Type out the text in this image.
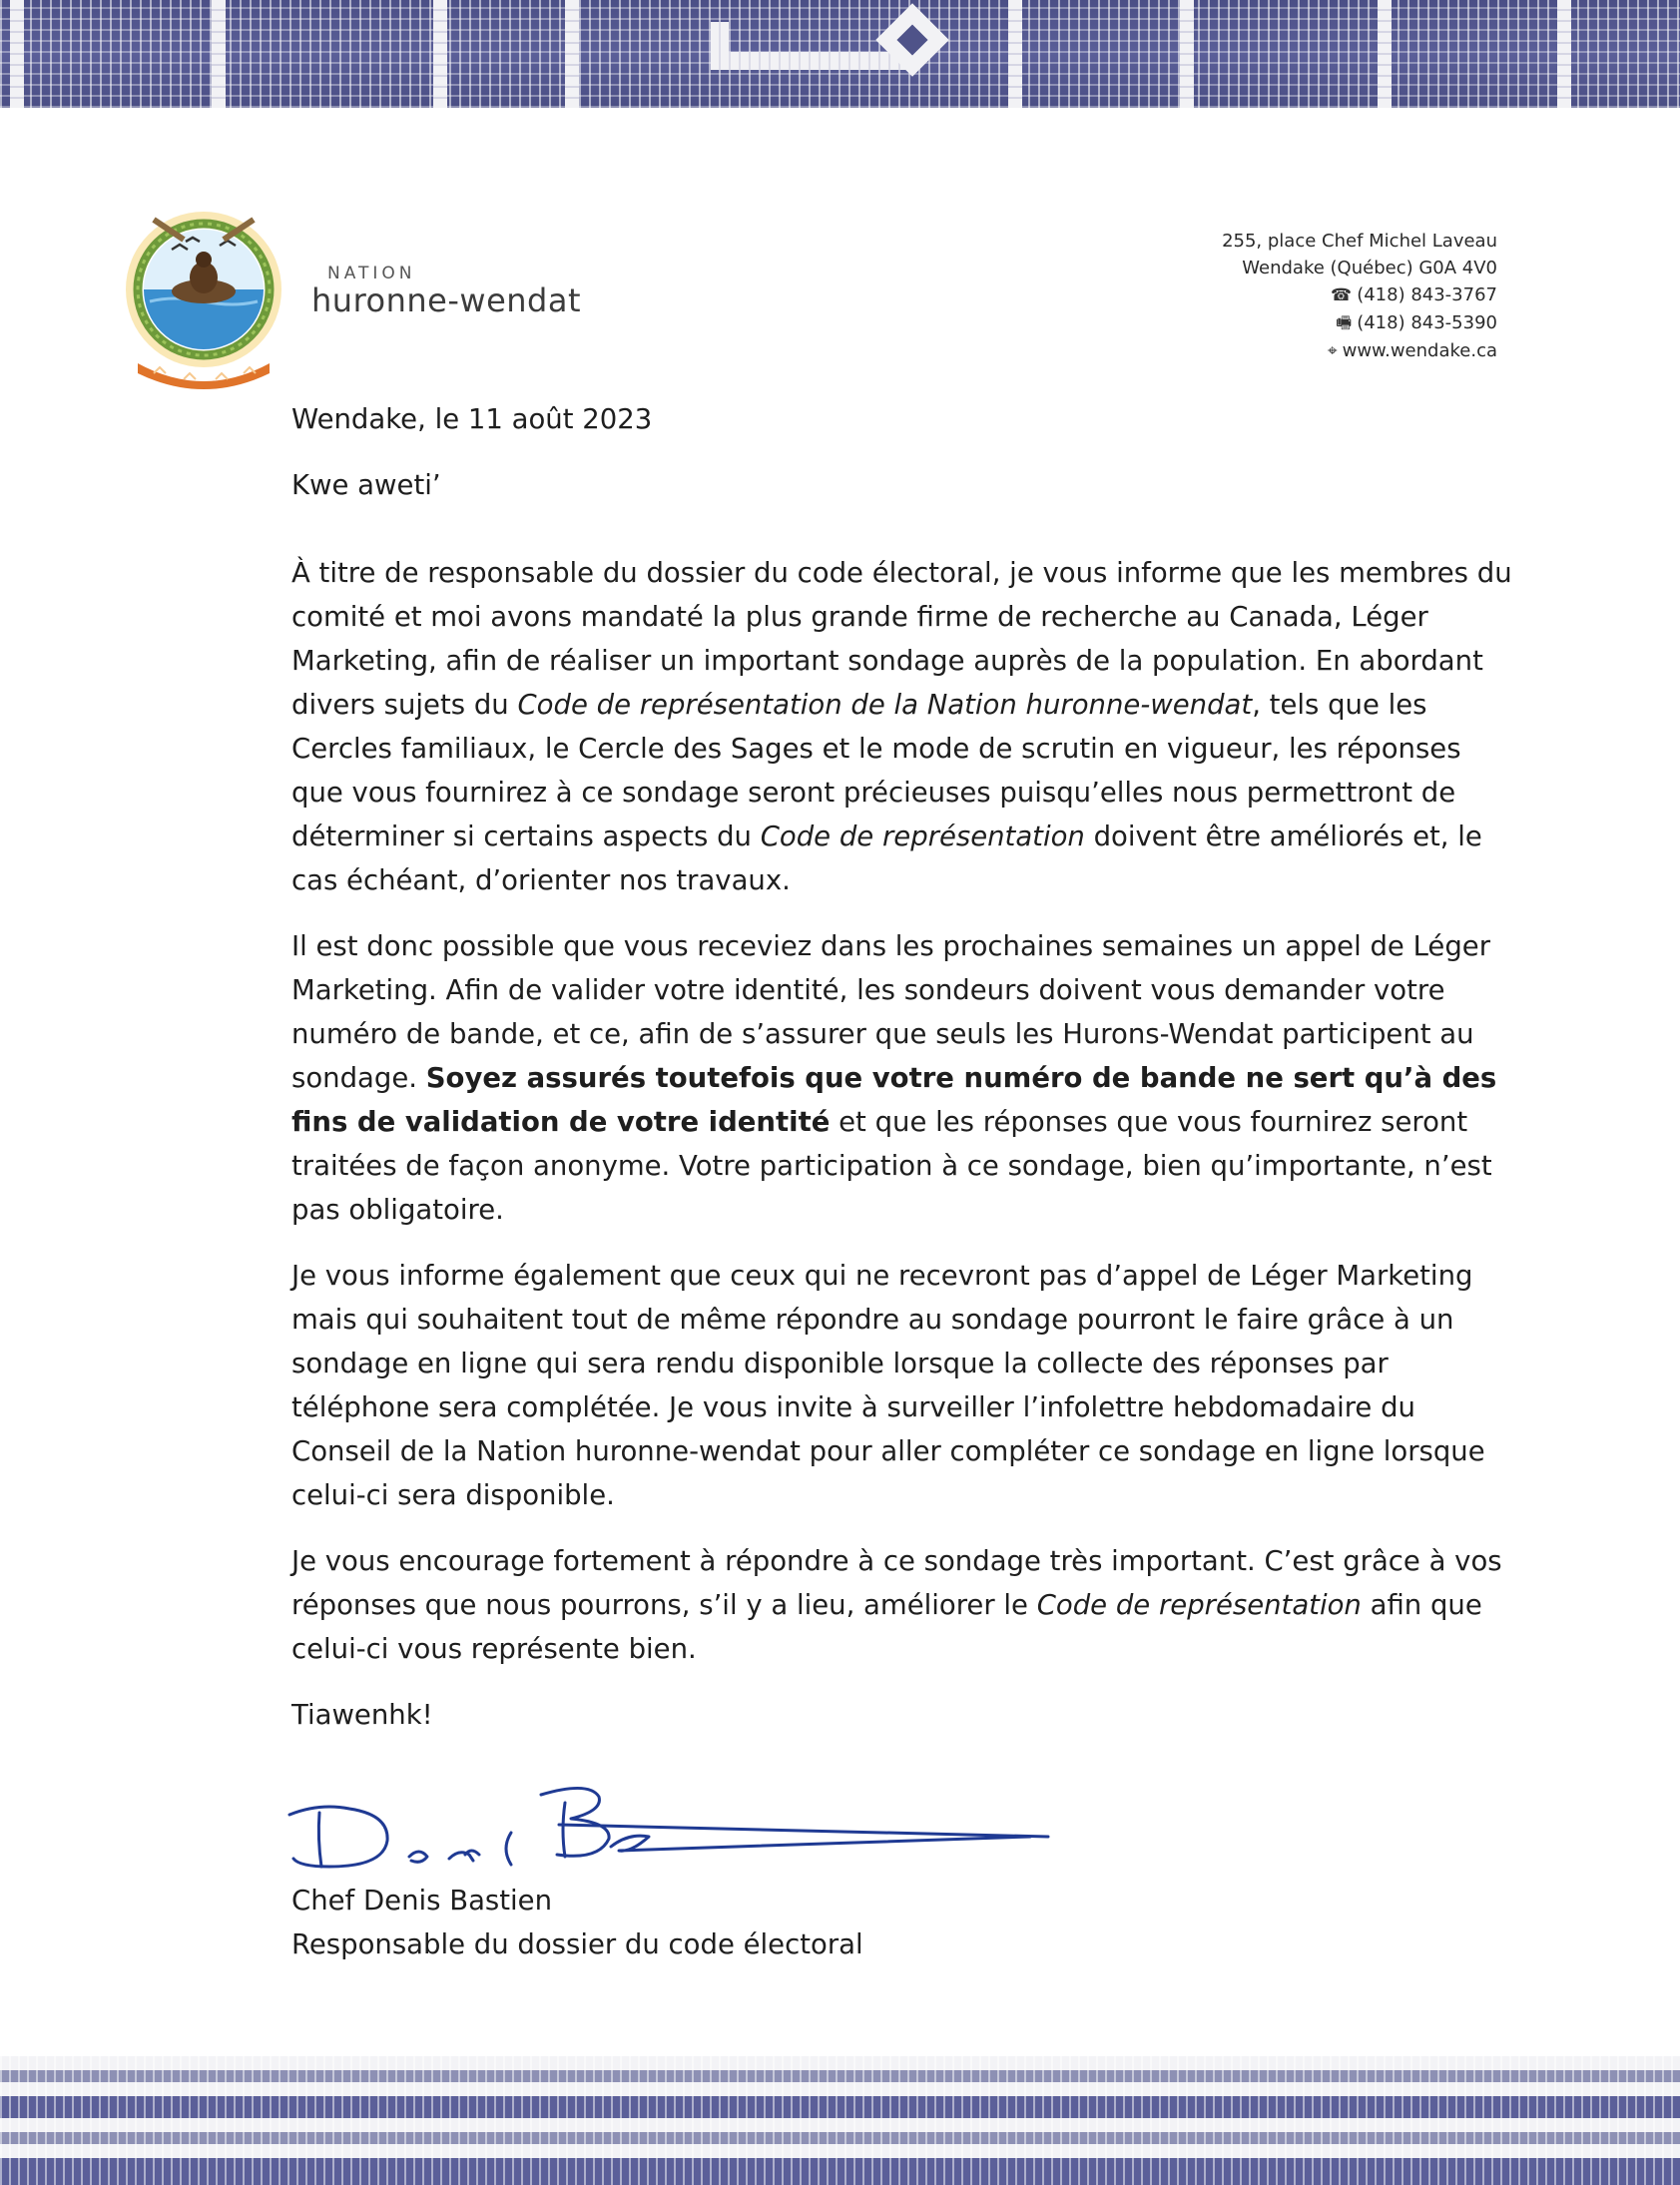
NATION
huronne-wendat
255, place Chef Michel Laveau
Wendake (Québec) G0A 4V0
☎ (418) 843-3767
🖷 (418) 843-5390
⌖ www.wendake.ca

Wendake, le 11 août 2023

Kwe aweti’

À titre de responsable du dossier du code électoral, je vous informe que les membres du comité et moi avons mandaté la plus grande firme de recherche au Canada, Léger Marketing, afin de réaliser un important sondage auprès de la population. En abordant divers sujets du Code de représentation de la Nation huronne-wendat, tels que les Cercles familiaux, le Cercle des Sages et le mode de scrutin en vigueur, les réponses que vous fournirez à ce sondage seront précieuses puisqu’elles nous permettront de déterminer si certains aspects du Code de représentation doivent être améliorés et, le cas échéant, d’orienter nos travaux.

Il est donc possible que vous receviez dans les prochaines semaines un appel de Léger Marketing. Afin de valider votre identité, les sondeurs doivent vous demander votre numéro de bande, et ce, afin de s’assurer que seuls les Hurons-Wendat participent au sondage. Soyez assurés toutefois que votre numéro de bande ne sert qu’à des fins de validation de votre identité et que les réponses que vous fournirez seront traitées de façon anonyme. Votre participation à ce sondage, bien qu’importante, n’est pas obligatoire.

Je vous informe également que ceux qui ne recevront pas d’appel de Léger Marketing mais qui souhaitent tout de même répondre au sondage pourront le faire grâce à un sondage en ligne qui sera rendu disponible lorsque la collecte des réponses par téléphone sera complétée. Je vous invite à surveiller l’infolettre hebdomadaire du Conseil de la Nation huronne-wendat pour aller compléter ce sondage en ligne lorsque celui-ci sera disponible.

Je vous encourage fortement à répondre à ce sondage très important. C’est grâce à vos réponses que nous pourrons, s’il y a lieu, améliorer le Code de représentation afin que celui-ci vous représente bien.

Tiawenhk!

Chef Denis Bastien

Responsable du dossier du code électoral
